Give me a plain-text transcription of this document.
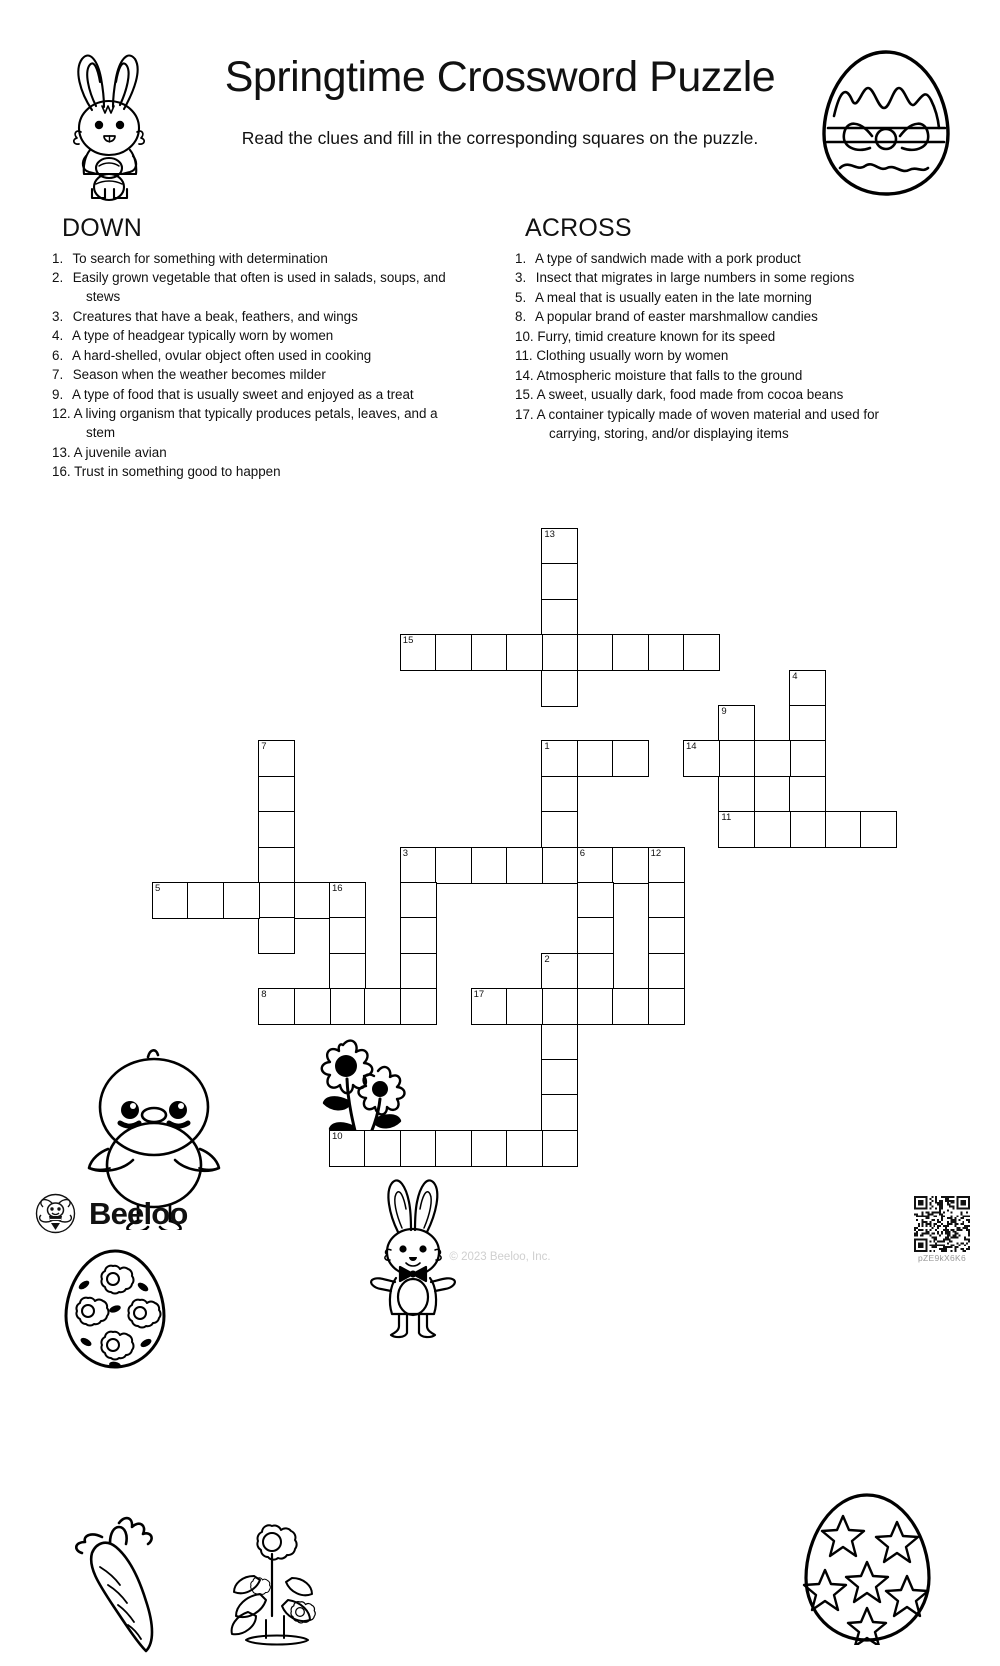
Springtime Crossword Puzzle
Read the clues and fill in the corresponding squares on the puzzle.
DOWN
1. To search for something with determination
2. Easily grown vegetable that often is used in salads, soups, and stews
3. Creatures that have a beak, feathers, and wings
4. A type of headgear typically worn by women
6. A hard-shelled, ovular object often used in cooking
7. Season when the weather becomes milder
9. A type of food that is usually sweet and enjoyed as a treat
12. A living organism that typically produces petals, leaves, and a stem
13. A juvenile avian
16. Trust in something good to happen
ACROSS
1. A type of sandwich made with a pork product
3. Insect that migrates in large numbers in some regions
5. A meal that is usually eaten in the late morning
8. A popular brand of easter marshmallow candies
10. Furry, timid creature known for its speed
11. Clothing usually worn by women
14. Atmospheric moisture that falls to the ground
15. A sweet, usually dark, food made from cocoa beans
17. A container typically made of woven material and used for carrying, storing, and/or displaying items
13
15
4
9
11
1	14
7
3	6	12
5	16
2
8	17
10
Beeloo
© 2023 Beeloo, Inc.	pZE9kX6K6
